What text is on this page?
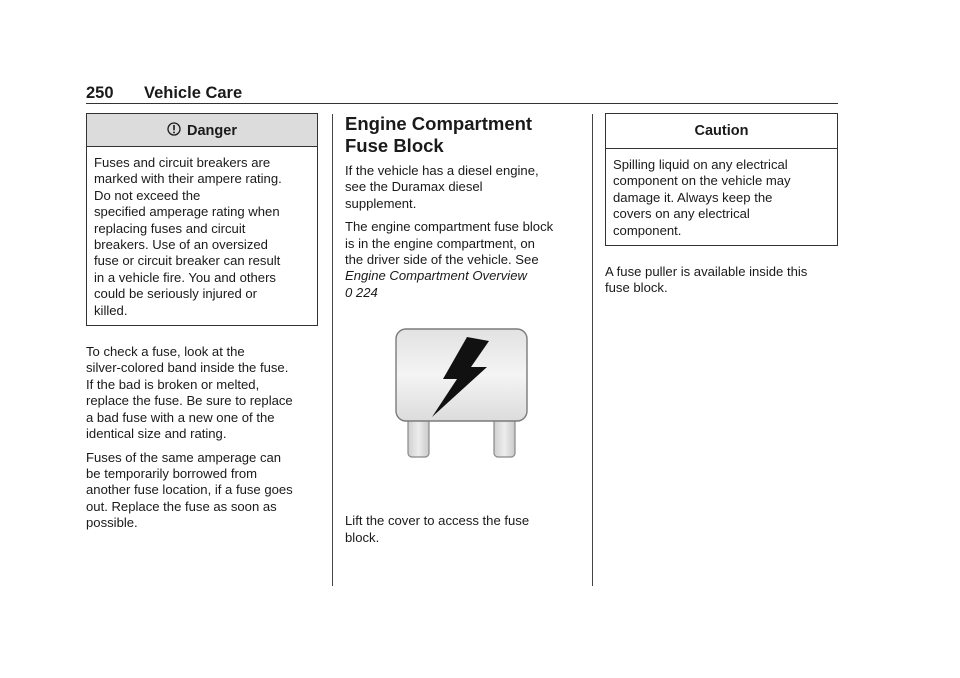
250 Vehicle Care
Danger
Fuses and circuit breakers are
marked with their ampere rating.
Do not exceed the
specified amperage rating when
replacing fuses and circuit
breakers. Use of an oversized
fuse or circuit breaker can result
in a vehicle fire. You and others
could be seriously injured or
killed.

To check a fuse, look at the
silver-colored band inside the fuse.
If the bad is broken or melted,
replace the fuse. Be sure to replace
a bad fuse with a new one of the
identical size and rating.

Fuses of the same amperage can
be temporarily borrowed from
another fuse location, if a fuse goes
out. Replace the fuse as soon as
possible.

Engine Compartment
Fuse Block

If the vehicle has a diesel engine,
see the Duramax diesel
supplement.

The engine compartment fuse block
is in the engine compartment, on
the driver side of the vehicle. See
Engine Compartment Overview
0 224

Lift the cover to access the fuse
block.

Caution
Spilling liquid on any electrical
component on the vehicle may
damage it. Always keep the
covers on any electrical
component.

A fuse puller is available inside this
fuse block.
